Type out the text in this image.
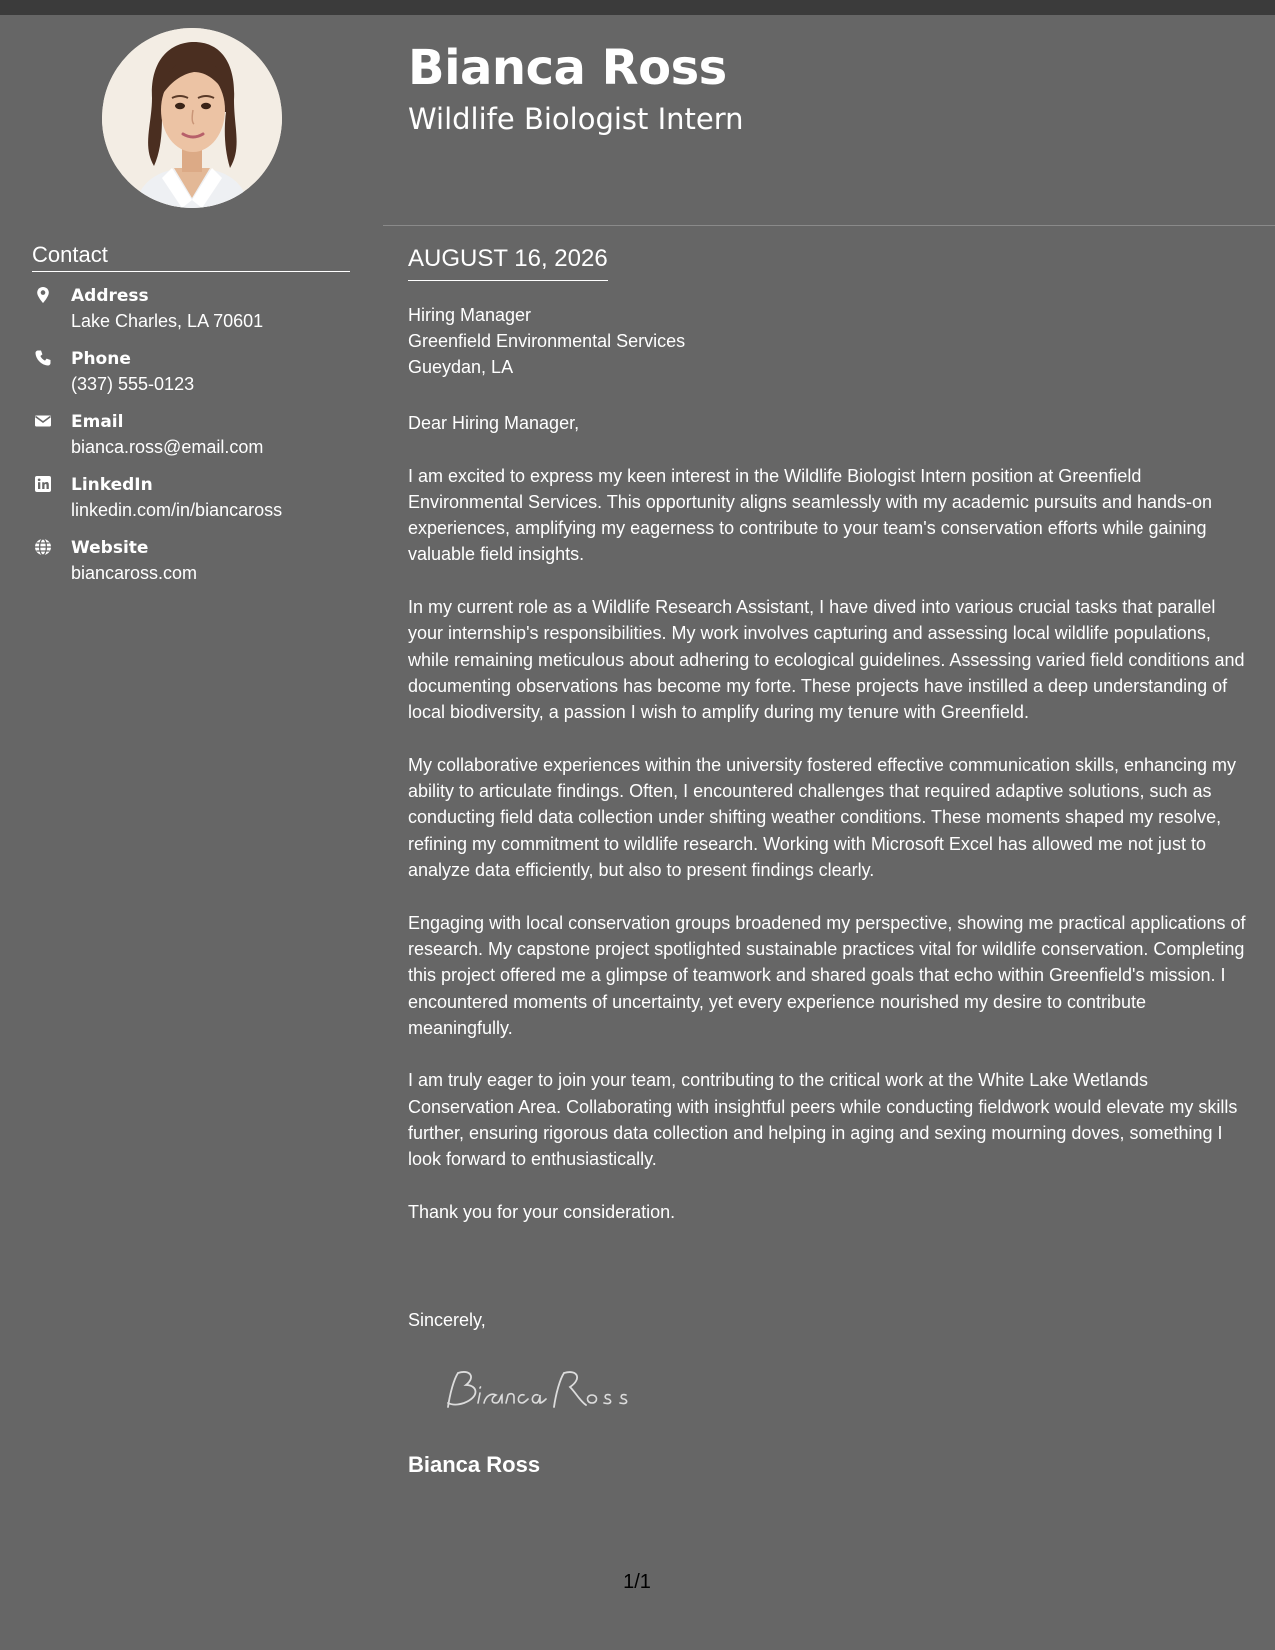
Bianca Ross
Wildlife Biologist Intern
Contact
Address
Lake Charles, LA 70601
Phone
(337) 555-0123
Email
bianca.ross@email.com
LinkedIn
linkedin.com/in/biancaross
Website
biancaross.com
AUGUST 16, 2026
Hiring Manager
Greenfield Environmental Services
Gueydan, LA

Dear Hiring Manager,

I am excited to express my keen interest in the Wildlife Biologist Intern position at Greenfield Environmental Services. This opportunity aligns seamlessly with my academic pursuits and hands-on experiences, amplifying my eagerness to contribute to your team's conservation efforts while gaining valuable field insights.

In my current role as a Wildlife Research Assistant, I have dived into various crucial tasks that parallel your internship's responsibilities. My work involves capturing and assessing local wildlife populations, while remaining meticulous about adhering to ecological guidelines. Assessing varied field conditions and documenting observations has become my forte. These projects have instilled a deep understanding of local biodiversity, a passion I wish to amplify during my tenure with Greenfield.

My collaborative experiences within the university fostered effective communication skills, enhancing my ability to articulate findings. Often, I encountered challenges that required adaptive solutions, such as conducting field data collection under shifting weather conditions. These moments shaped my resolve, refining my commitment to wildlife research. Working with Microsoft Excel has allowed me not just to analyze data efficiently, but also to present findings clearly.

Engaging with local conservation groups broadened my perspective, showing me practical applications of research. My capstone project spotlighted sustainable practices vital for wildlife conservation. Completing this project offered me a glimpse of teamwork and shared goals that echo within Greenfield's mission. I encountered moments of uncertainty, yet every experience nourished my desire to contribute meaningfully.

I am truly eager to join your team, contributing to the critical work at the White Lake Wetlands Conservation Area. Collaborating with insightful peers while conducting fieldwork would elevate my skills further, ensuring rigorous data collection and helping in aging and sexing mourning doves, something I look forward to enthusiastically.

Thank you for your consideration.

Sincerely,
Bianca Ross
1/1
